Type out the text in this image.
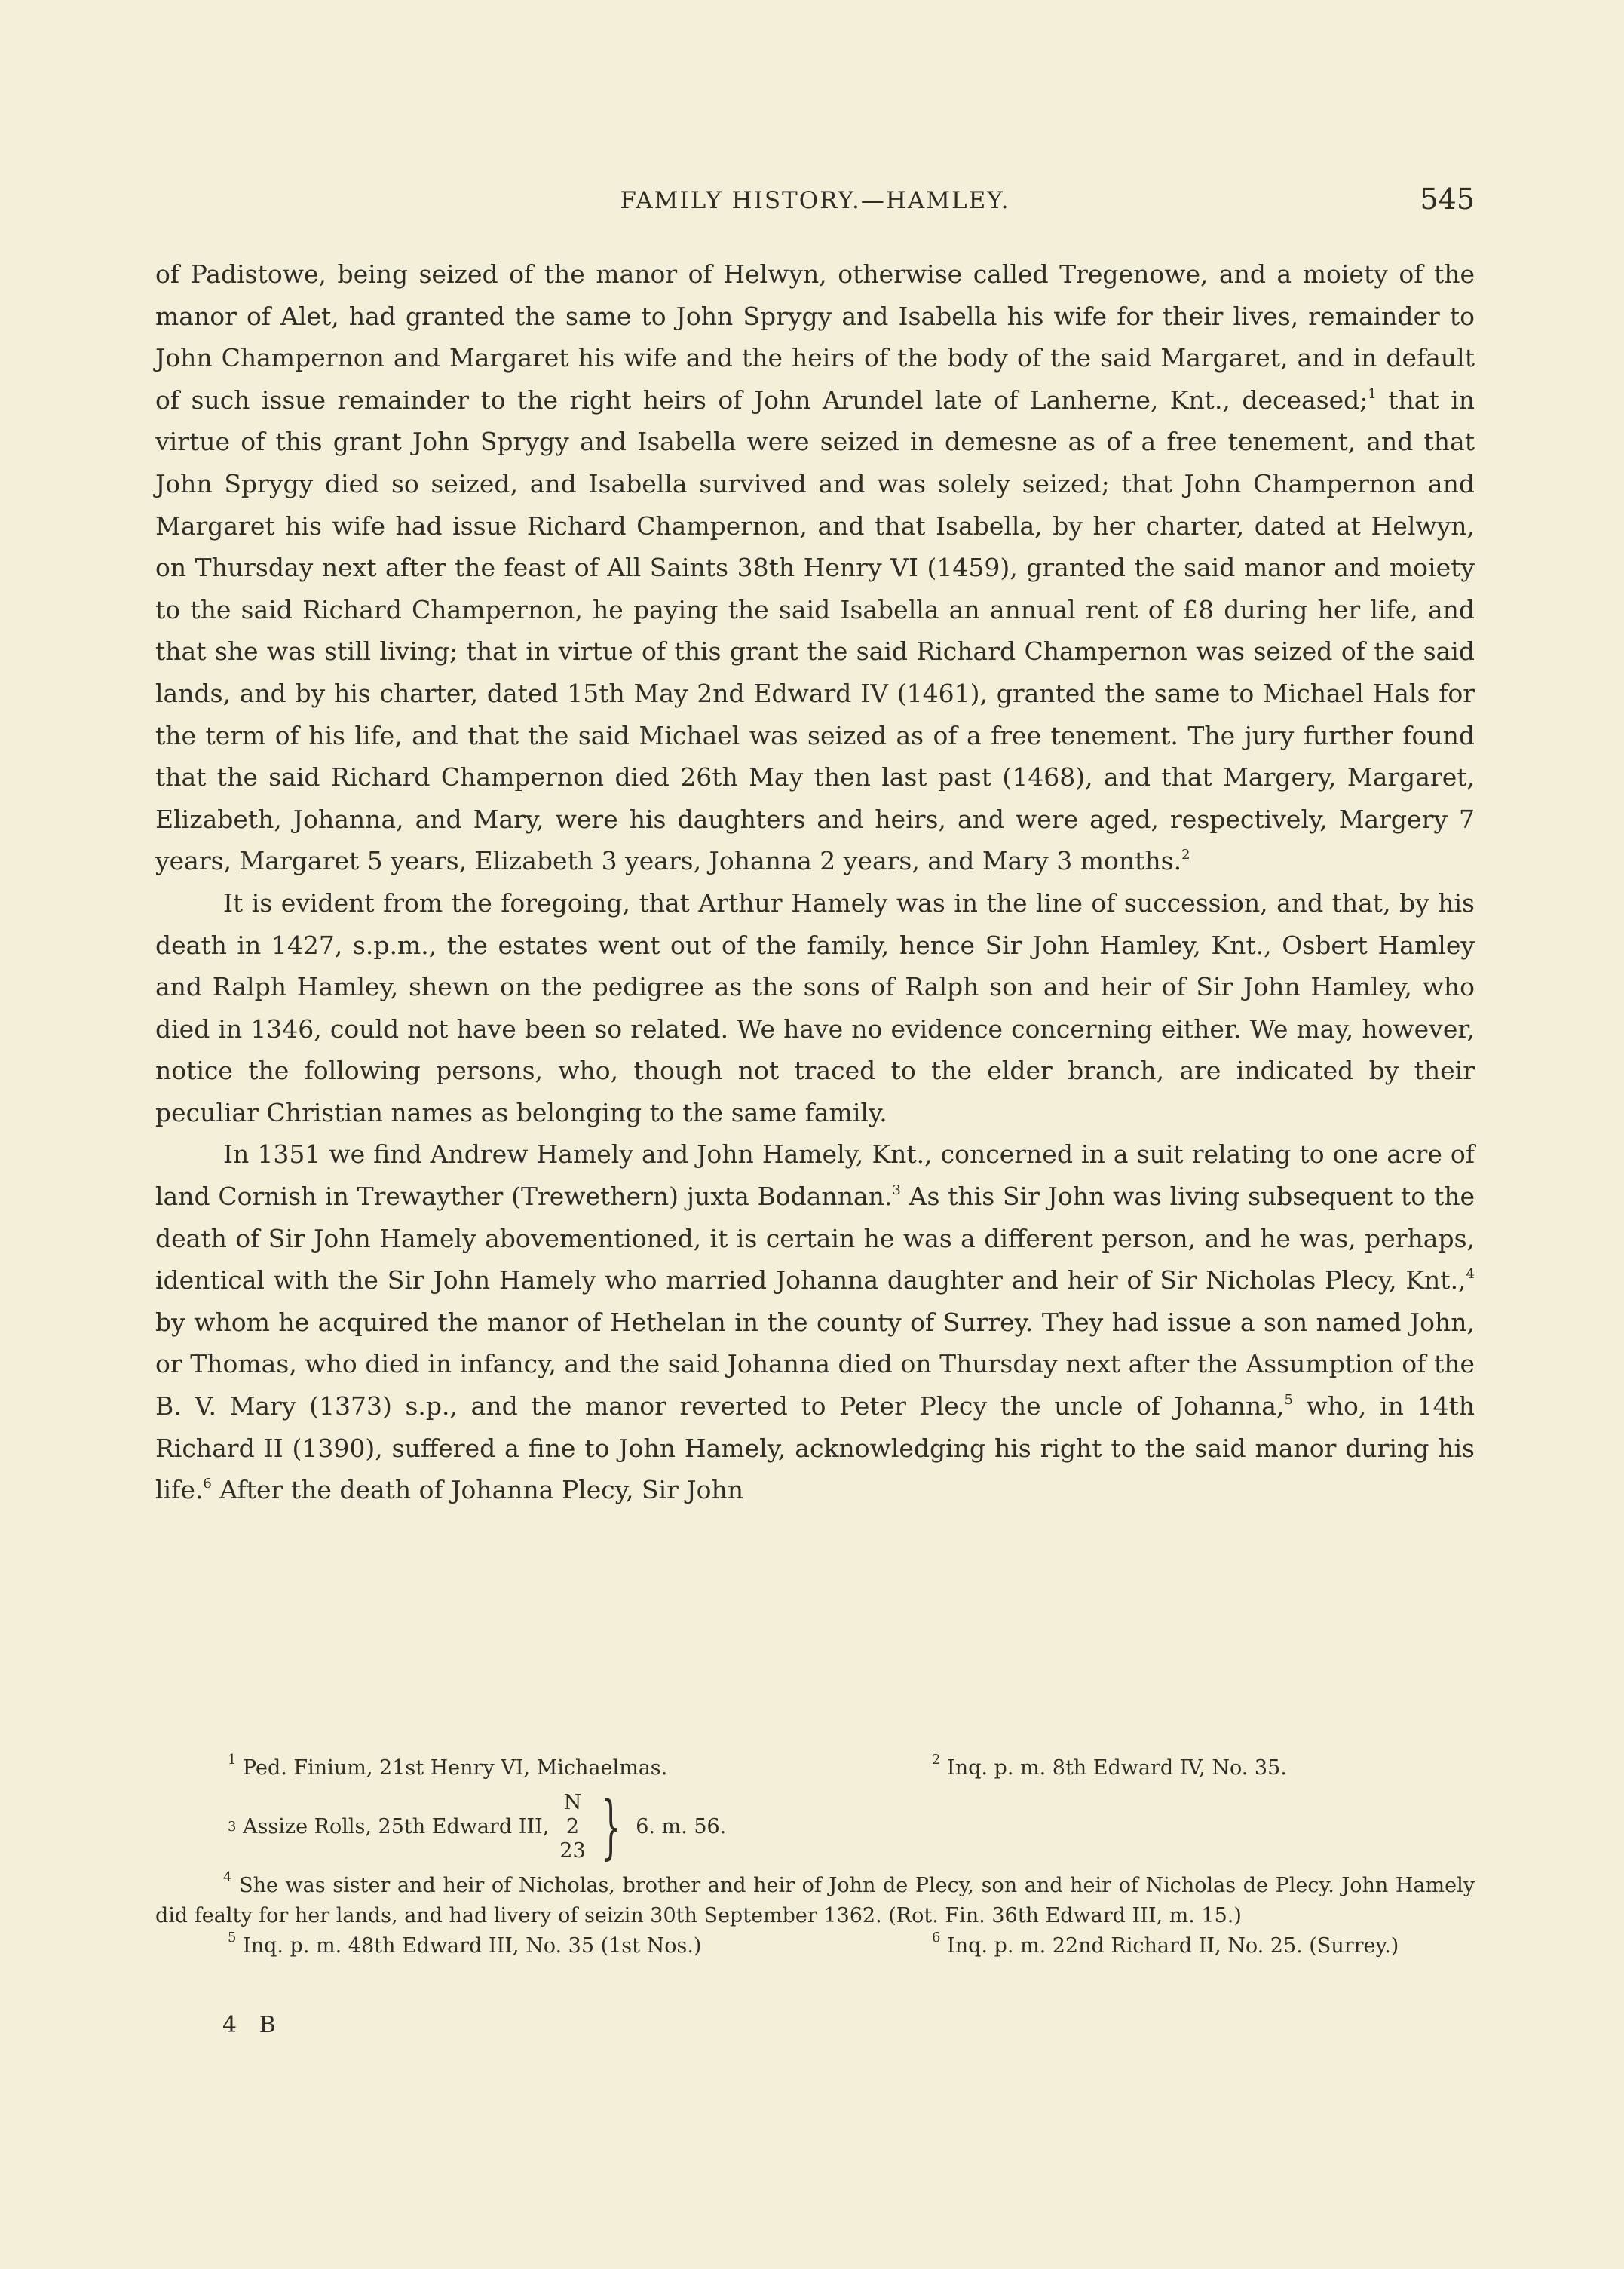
FAMILY HISTORY.—HAMLEY.	545

of Padistowe, being seized of the manor of Helwyn, otherwise called Tregenowe, and a moiety of the manor of Alet, had granted the same to John Sprygy and Isabella his wife for their lives, remainder to John Champernon and Margaret his wife and the heirs of the body of the said Margaret, and in default of such issue remainder to the right heirs of John Arundel late of Lanherne, Knt., deceased;$^1$ that in virtue of this grant John Sprygy and Isabella were seized in demesne as of a free tenement, and that John Sprygy died so seized, and Isabella survived and was solely seized; that John Champernon and Margaret his wife had issue Richard Champernon, and that Isabella, by her charter, dated at Helwyn, on Thursday next after the feast of All Saints 38th Henry VI (1459), granted the said manor and moiety to the said Richard Champernon, he paying the said Isabella an annual rent of £8 during her life, and that she was still living; that in virtue of this grant the said Richard Champernon was seized of the said lands, and by his charter, dated 15th May 2nd Edward IV (1461), granted the same to Michael Hals for the term of his life, and that the said Michael was seized as of a free tenement. The jury further found that the said Richard Champernon died 26th May then last past (1468), and that Margery, Margaret, Elizabeth, Johanna, and Mary, were his daughters and heirs, and were aged, respectively, Margery 7 years, Margaret 5 years, Elizabeth 3 years, Johanna 2 years, and Mary 3 months.$^2$

It is evident from the foregoing, that Arthur Hamely was in the line of succession, and that, by his death in 1427, s.p.m., the estates went out of the family, hence Sir John Hamley, Knt., Osbert Hamley and Ralph Hamley, shewn on the pedigree as the sons of Ralph son and heir of Sir John Hamley, who died in 1346, could not have been so related. We have no evidence concerning either. We may, however, notice the following persons, who, though not traced to the elder branch, are indicated by their peculiar Christian names as belonging to the same family.

In 1351 we find Andrew Hamely and John Hamely, Knt., concerned in a suit relating to one acre of land Cornish in Trewayther (Trewethern) juxta Bodannan.$^3$ As this Sir John was living subsequent to the death of Sir John Hamely abovementioned, it is certain he was a different person, and he was, perhaps, identical with the Sir John Hamely who married Johanna daughter and heir of Sir Nicholas Plecy, Knt.,$^4$ by whom he acquired the manor of Hethelan in the county of Surrey. They had issue a son named John, or Thomas, who died in infancy, and the said Johanna died on Thursday next after the Assumption of the B. V. Mary (1373) s.p., and the manor reverted to Peter Plecy the uncle of Johanna,$^5$ who, in 14th Richard II (1390), suffered a fine to John Hamely, acknowledging his right to the said manor during his life.$^6$ After the death of Johanna Plecy, Sir John

$^1$ Ped. Finium, 21st Henry VI, Michaelmas.	$^2$ Inq. p. m. 8th Edward IV, No. 35.
3
Assize Rolls, 25th Edward III,
N
2
23 } 6. m. 56.
$^4$ She was sister and heir of Nicholas, brother and heir of John de Plecy, son and heir of Nicholas de Plecy. John Hamely did fealty for her lands, and had livery of seizin 30th September 1362. (Rot. Fin. 36th Edward III, m. 15.)
$^5$ Inq. p. m. 48th Edward III, No. 35 (1st Nos.)	$^6$ Inq. p. m. 22nd Richard II, No. 25. (Surrey.)
4 B
